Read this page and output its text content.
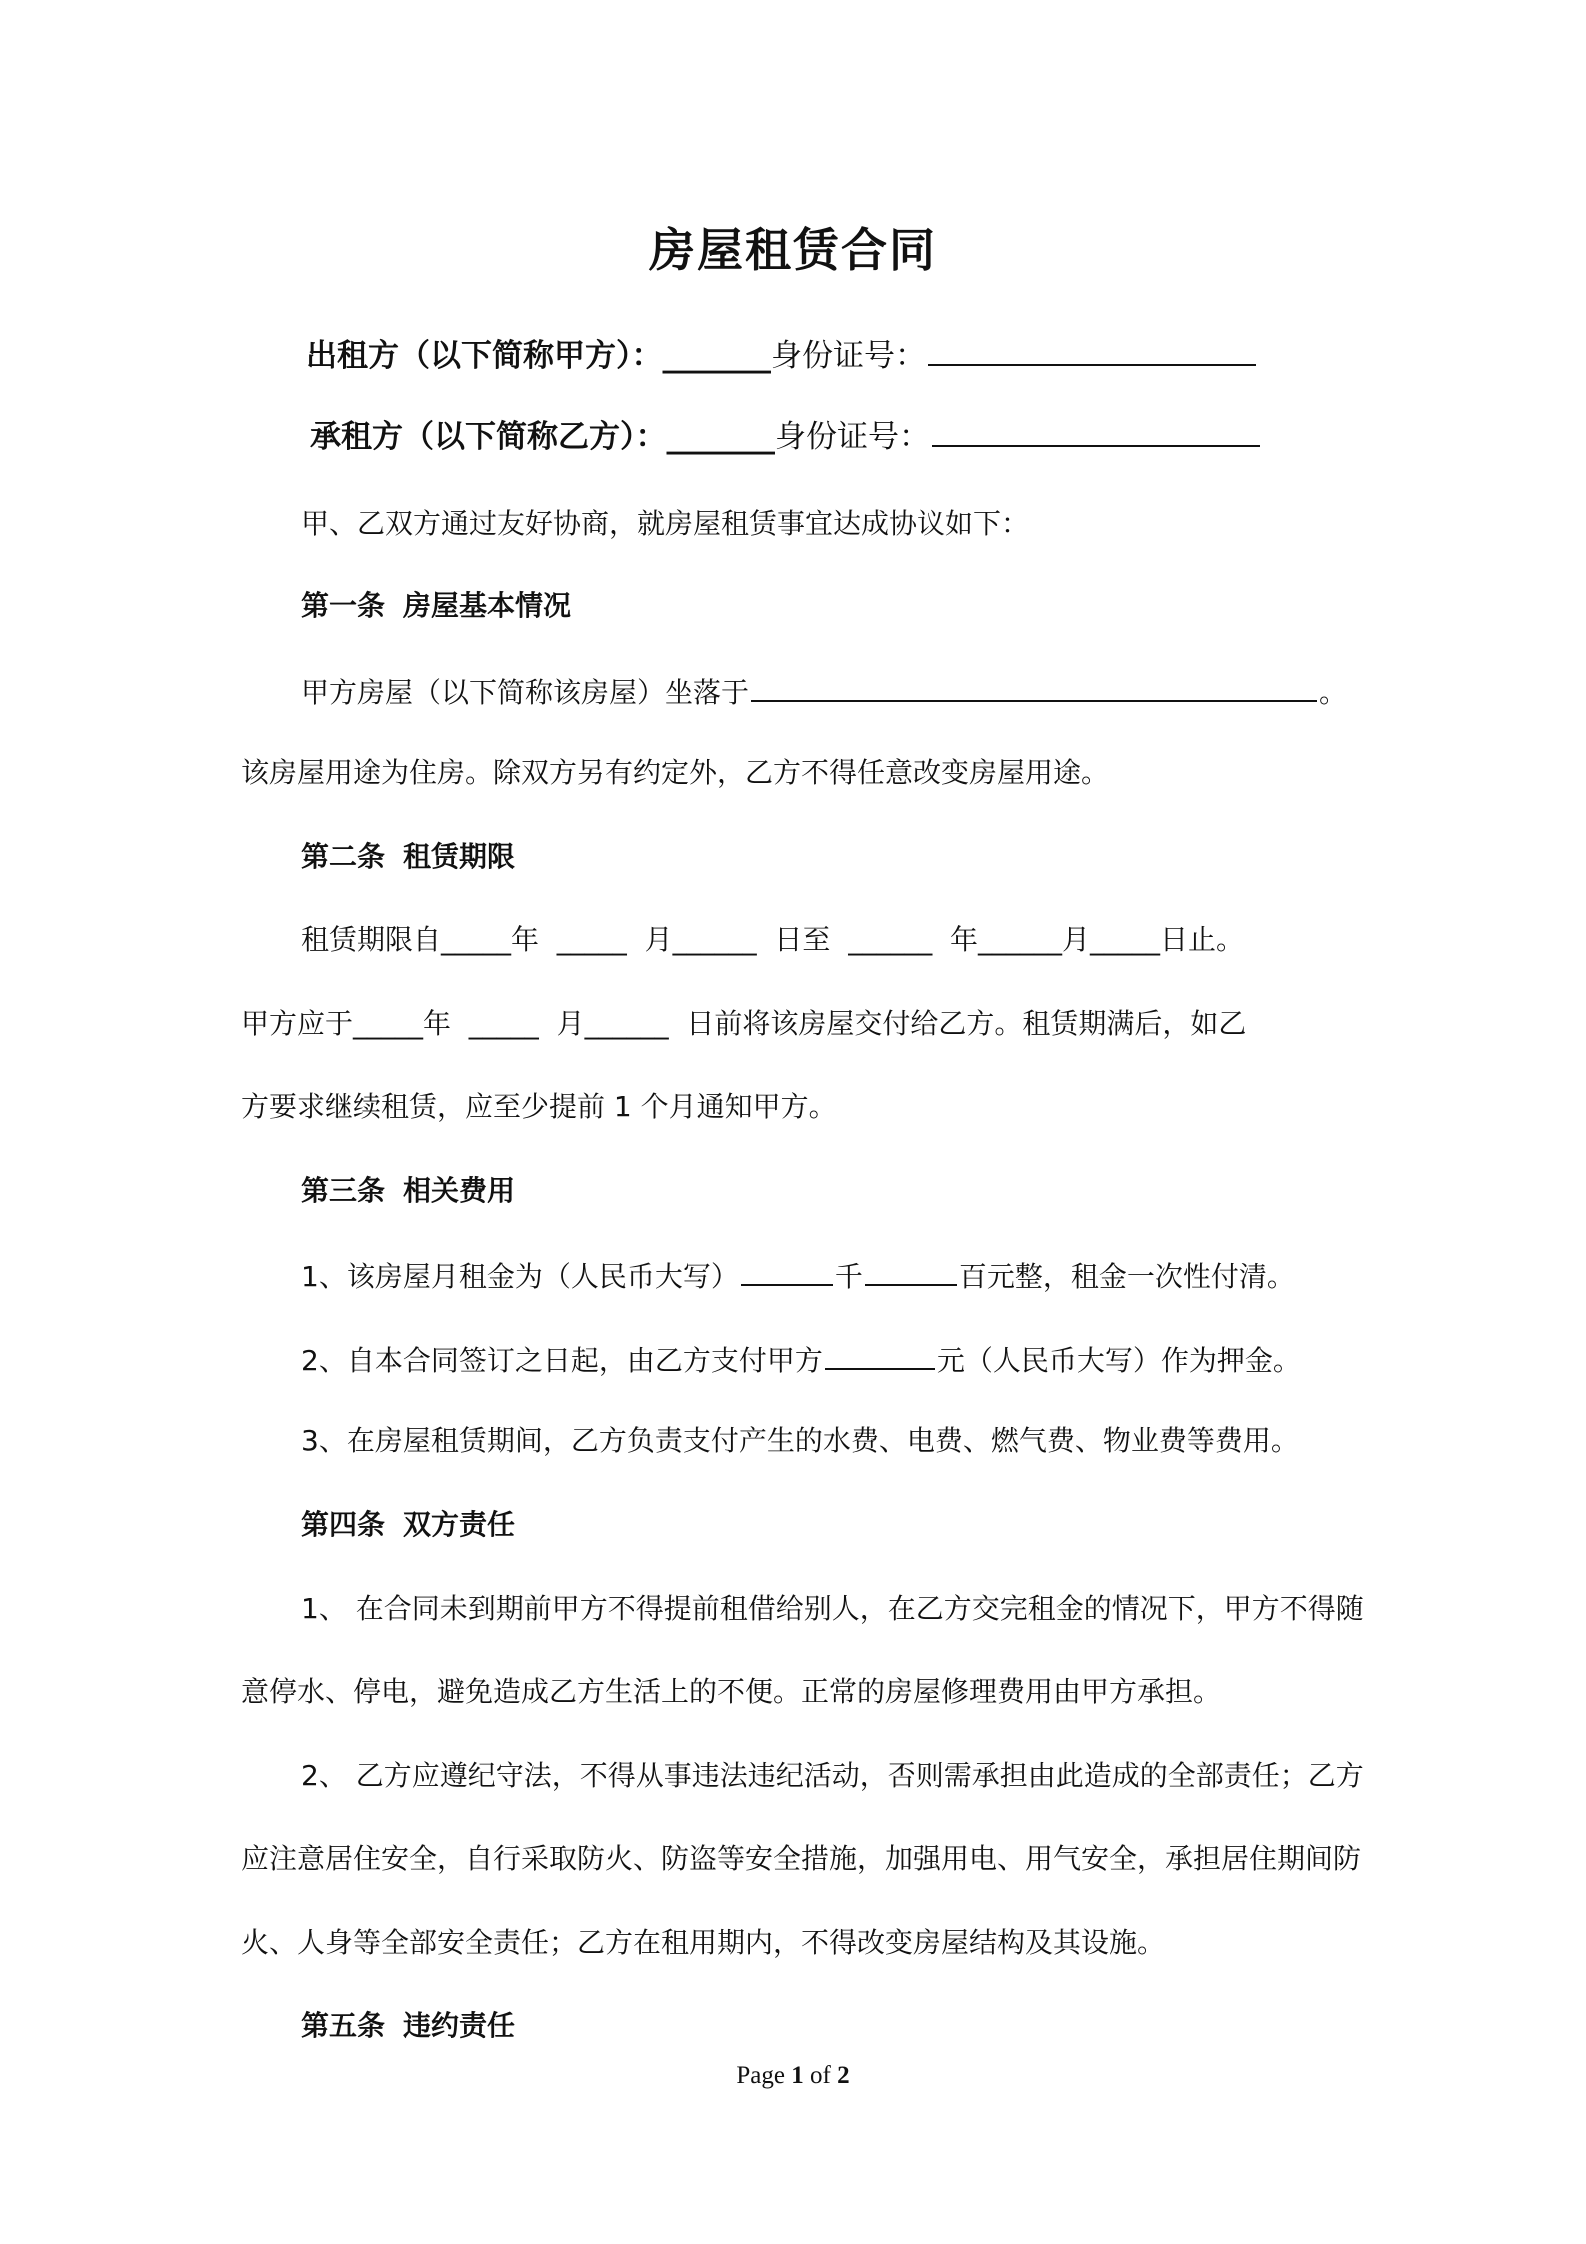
房屋租赁合同
出租方（以下简称甲方）：_______身份证号：
承租方（以下简称乙方）：_______身份证号：
甲、乙双方通过友好协商，就房屋租赁事宜达成协议如下：
第一条 房屋基本情况
甲方房屋（以下简称该房屋）坐落于	。
该房屋用途为住房。除双方另有约定外，乙方不得任意改变房屋用途。
第二条 租赁期限
租赁期限自_____年  _____  月______  日至  ______  年______月_____日止。
甲方应于_____年  _____  月______  日前将该房屋交付给乙方。租赁期满后，如乙
方要求继续租赁，应至少提前 1 个月通知甲方。
第三条 相关费用
1、该房屋月租金为（人民币大写）	千	百元整，租金一次性付清。
2、自本合同签订之日起，由乙方支付甲方	元（人民币大写）作为押金。
3、在房屋租赁期间，乙方负责支付产生的水费、电费、燃气费、物业费等费用。
第四条 双方责任
1、 在合同未到期前甲方不得提前租借给别人，在乙方交完租金的情况下，甲方不得随
意停水、停电，避免造成乙方生活上的不便。正常的房屋修理费用由甲方承担。
2、 乙方应遵纪守法，不得从事违法违纪活动，否则需承担由此造成的全部责任；乙方
应注意居住安全，自行采取防火、防盗等安全措施，加强用电、用气安全，承担居住期间防
火、人身等全部安全责任；乙方在租用期内，不得改变房屋结构及其设施。
第五条 违约责任
Page 1 of 2
